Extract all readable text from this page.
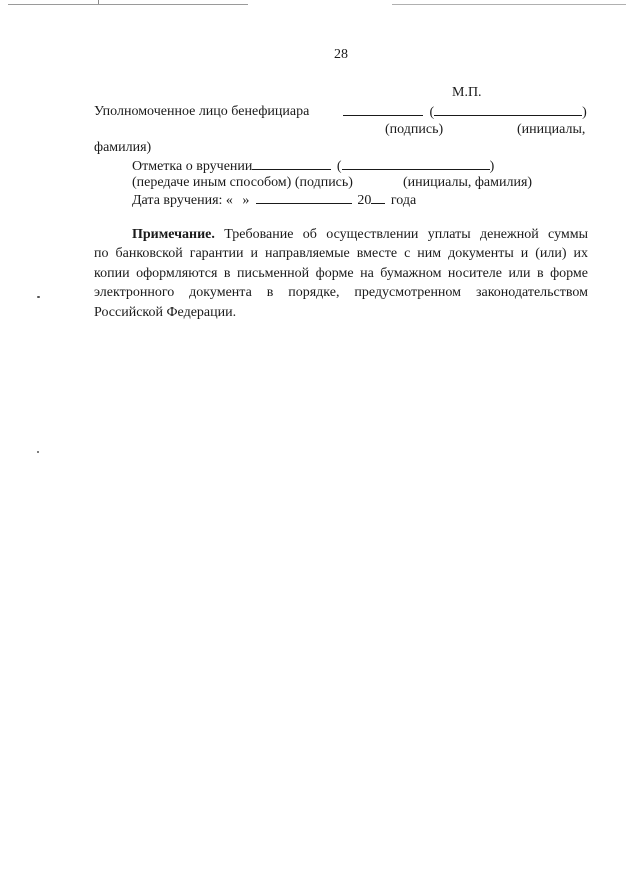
28
М.П.
Уполномоченное лицо бенефициара	(	)
(подпись)	(инициалы,
фамилия)
Отметка о вручении	(	)
(передаче иным способом) (подпись)	(инициалы, фамилия)
Дата вручения: « »	20 года
Примечание. Требование об осуществлении уплаты денежной суммы
по банковской гарантии и направляемые вместе с ним документы и (или) их
копии оформляются в письменной форме на бумажном носителе или в форме
электронного документа в порядке, предусмотренном законодательством
Российской Федерации.
